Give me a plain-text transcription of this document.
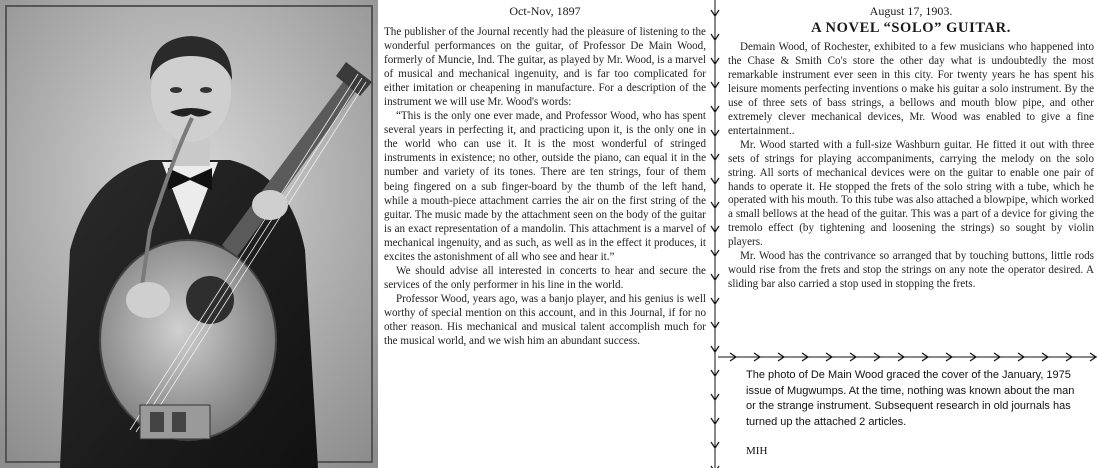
Oct-Nov, 1897

The publisher of the Journal recently had the pleasure of listening to the wonderful performances on the guitar, of Professor De Main Wood, formerly of Muncie, Ind. The guitar, as played by Mr. Wood, is a marvel of musical and mechanical ingenuity, and is far too complicated for either imitation or cheapening in manufacture. For a description of the instrument we will use Mr. Wood's words:

“This is the only one ever made, and Professor Wood, who has spent several years in perfecting it, and practicing upon it, is the only one in the world who can use it. It is the most wonderful of stringed instruments in existence; no other, outside the piano, can equal it in the number and variety of its tones. There are ten strings, four of them being fingered on a sub finger-board by the thumb of the left hand, while a mouth-piece attachment carries the air on the first string of the guitar. The music made by the attachment seen on the body of the guitar is an exact representation of a mandolin. This attachment is a marvel of mechanical ingenuity, and as such, as well as in the effect it produces, it excites the astonishment of all who see and hear it.”

We should advise all interested in concerts to hear and secure the services of the only performer in his line in the world.

Professor Wood, years ago, was a banjo player, and his genius is well worthy of special mention on this account, and in this Journal, if for no other reason. His mechanical and musical talent accomplish much for the musical world, and we wish him an abundant success.

August 17, 1903.
A NOVEL “SOLO” GUITAR.

Demain Wood, of Rochester, exhibited to a few musicians who happened into the Chase & Smith Co's store the other day what is undoubtedly the most remarkable instrument ever seen in this city. For twenty years he has spent his leisure moments perfecting inventions o make his guitar a solo instrument. By the use of three sets of bass strings, a bellows and mouth blow pipe, and other extremely clever mechanical devices, Mr. Wood was enabled to give a fine entertainment..

Mr. Wood started with a full-size Washburn guitar. He fitted it out with three sets of strings for playing accompaniments, carrying the melody on the solo string. All sorts of mechanical devices were on the guitar to enable one pair of hands to operate it. He stopped the frets of the solo string with a tube, which he operated with his mouth. To this tube was also attached a blowpipe, which worked a small bellows at the head of the guitar. This was a part of a device for giving the tremolo effect (by tightening and loosening the strings) so sought by violin players.

Mr. Wood has the contrivance so arranged that by touching buttons, little rods would rise from the frets and stop the strings on any note the operator desired. A sliding bar also carried a stop used in stopping the frets.

The photo of De Main Wood graced the cover of the January, 1975 issue of Mugwumps. At the time, nothing was known about the man or the strange instrument. Subsequent research in old journals has turned up the attached 2 articles.

MIH
